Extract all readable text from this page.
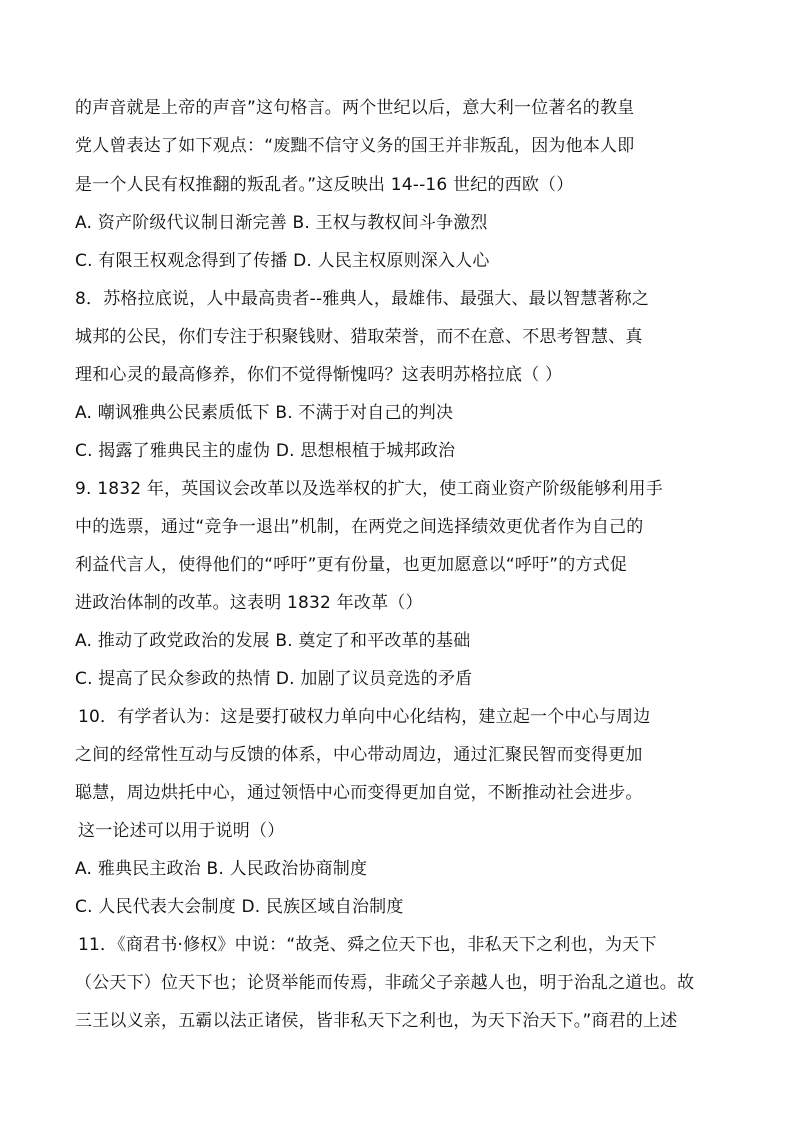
的声音就是上帝的声音”这句格言。两个世纪以后，意大利一位著名的教皇
党人曾表达了如下观点：“废黜不信守义务的国王并非叛乱，因为他本人即
是一个人民有权推翻的叛乱者。”这反映出 14--16 世纪的西欧（）
A. 资产阶级代议制日渐完善 B. 王权与教权间斗争激烈
C. 有限王权观念得到了传播 D. 人民主权原则深入人心
8．苏格拉底说，人中最高贵者--雅典人，最雄伟、最强大、最以智慧著称之
城邦的公民，你们专注于积聚钱财、猎取荣誉，而不在意、不思考智慧、真
理和心灵的最高修养，你们不觉得惭愧吗？这表明苏格拉底（ ）
A. 嘲讽雅典公民素质低下 B. 不满于对自己的判决
C. 揭露了雅典民主的虚伪 D. 思想根植于城邦政治
9. 1832 年，英国议会改革以及选举权的扩大，使工商业资产阶级能够利用手
中的选票，通过“竞争一退出”机制，在两党之间选择绩效更优者作为自己的
利益代言人，使得他们的“呼吁”更有份量，也更加愿意以“呼吁”的方式促
进政治体制的改革。这表明 1832 年改革（）
A. 推动了政党政治的发展 B. 奠定了和平改革的基础
C. 提高了民众参政的热情 D. 加剧了议员竞选的矛盾
10．有学者认为：这是要打破权力单向中心化结构，建立起一个中心与周边
之间的经常性互动与反馈的体系，中心带动周边，通过汇聚民智而变得更加
聪慧，周边烘托中心，通过领悟中心而变得更加自觉，不断推动社会进步。
这一论述可以用于说明（）
A. 雅典民主政治 B. 人民政治协商制度
C. 人民代表大会制度 D. 民族区域自治制度
11．《商君书·修权》中说：“故尧、舜之位天下也，非私天下之利也，为天下
（公天下）位天下也；论贤举能而传焉，非疏父子亲越人也，明于治乱之道也。故
三王以义亲，五霸以法正诸侯，皆非私天下之利也，为天下治天下。”商君的上述
